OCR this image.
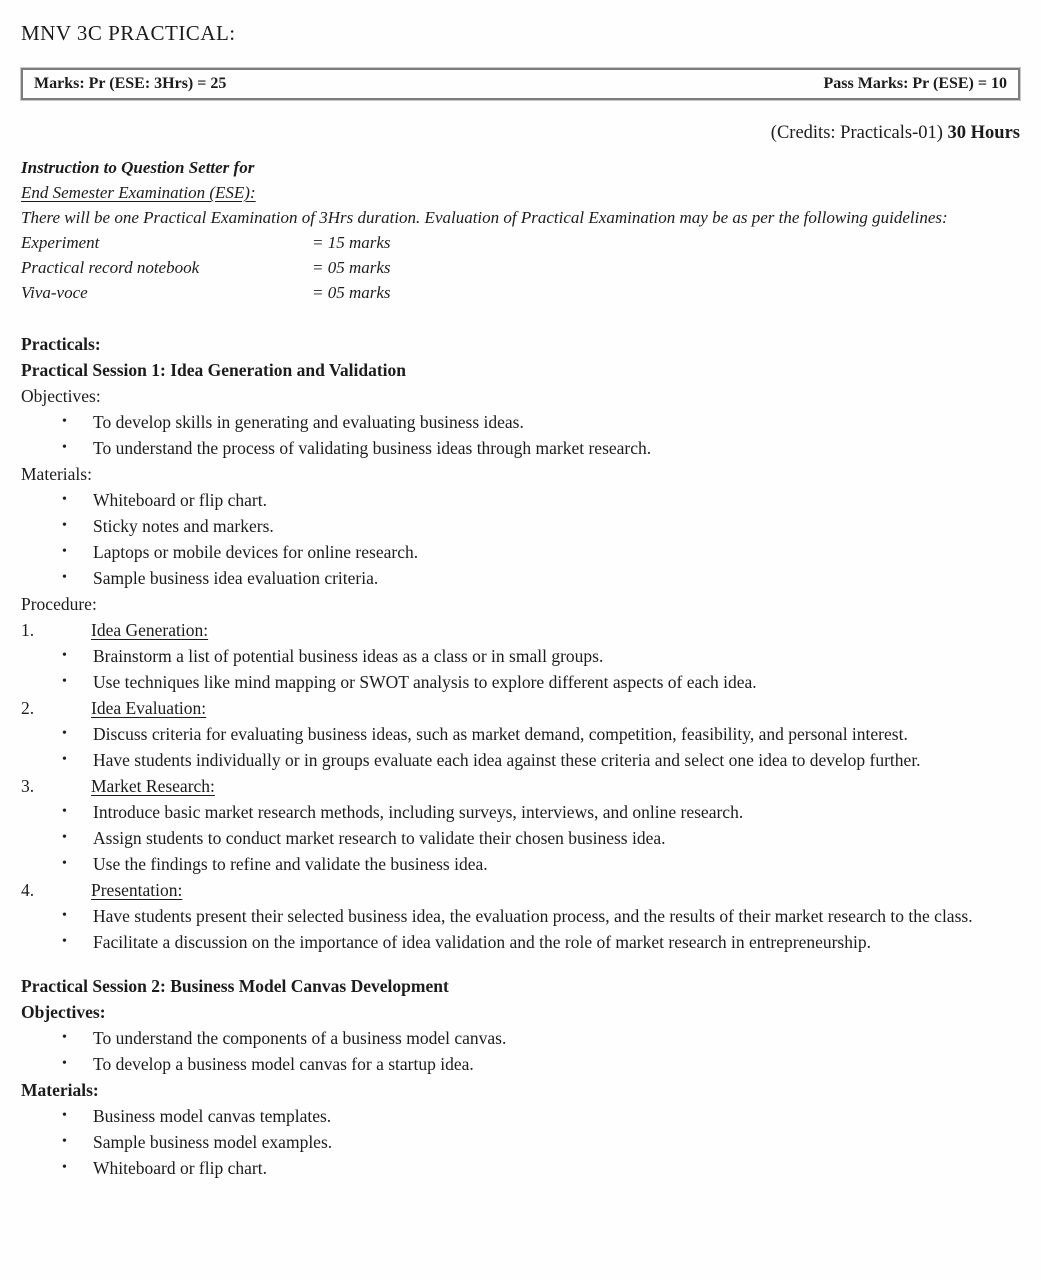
MNV 3C PRACTICAL:
Marks: Pr (ESE: 3Hrs) = 25	Pass Marks: Pr (ESE) = 10
(Credits: Practicals-01) 30 Hours
Instruction to Question Setter for
End Semester Examination (ESE):
There will be one Practical Examination of 3Hrs duration. Evaluation of Practical Examination may be as per the following guidelines:
Experiment	= 15 marks
Practical record notebook	= 05 marks
Viva-voce	= 05 marks
Practicals:
Practical Session 1: Idea Generation and Validation
Objectives:
•	To develop skills in generating and evaluating business ideas.
•	To understand the process of validating business ideas through market research.
Materials:
•	Whiteboard or flip chart.
•	Sticky notes and markers.
•	Laptops or mobile devices for online research.
•	Sample business idea evaluation criteria.
Procedure:
1.	Idea Generation:
•	Brainstorm a list of potential business ideas as a class or in small groups.
•	Use techniques like mind mapping or SWOT analysis to explore different aspects of each idea.
2.	Idea Evaluation:
•	Discuss criteria for evaluating business ideas, such as market demand, competition, feasibility, and personal interest.
•	Have students individually or in groups evaluate each idea against these criteria and select one idea to develop further.
3.	Market Research:
•	Introduce basic market research methods, including surveys, interviews, and online research.
•	Assign students to conduct market research to validate their chosen business idea.
•	Use the findings to refine and validate the business idea.
4.	Presentation:
•	Have students present their selected business idea, the evaluation process, and the results of their market research to the class.
•	Facilitate a discussion on the importance of idea validation and the role of market research in entrepreneurship.
Practical Session 2: Business Model Canvas Development
Objectives:
•	To understand the components of a business model canvas.
•	To develop a business model canvas for a startup idea.
Materials:
•	Business model canvas templates.
•	Sample business model examples.
•	Whiteboard or flip chart.
